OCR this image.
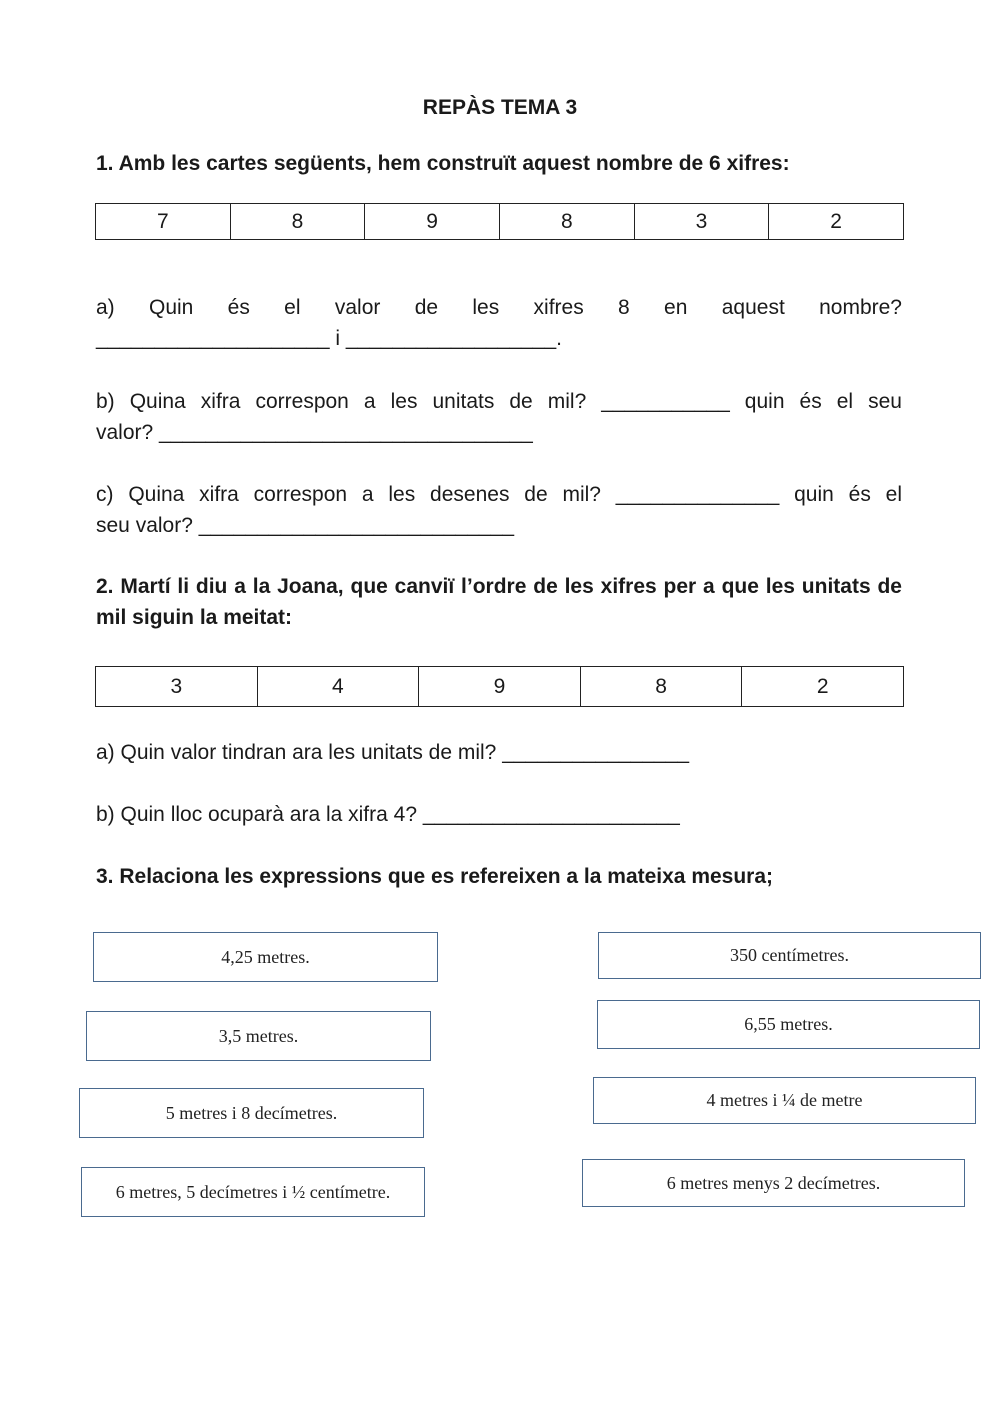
REPÀS TEMA 3
1. Amb les cartes següents, hem construït aquest nombre de 6 xifres:
7	8	9	8	3	2
a) Quin és el valor de les xifres 8 en aquest nombre?
____________________ i __________________.
b) Quina xifra correspon a les unitats de mil? ___________ quin és el seu
valor? ________________________________
c) Quina xifra correspon a les desenes de mil? ______________ quin és el
seu valor? ___________________________
2. Martí li diu a la Joana, que canviï l’ordre de les xifres per a que les unitats de mil siguin la meitat:
3	4	9	8	2
a) Quin valor tindran ara les unitats de mil? ________________
b) Quin lloc ocuparà ara la xifra 4? ______________________
3. Relaciona les expressions que es refereixen a la mateixa mesura;
4,25 metres.
3,5 metres.
5 metres i 8 decímetres.
6 metres, 5 decímetres i ½ centímetre.
350 centímetres.
6,55 metres.
4 metres i ¼ de metre
6 metres menys 2 decímetres.
